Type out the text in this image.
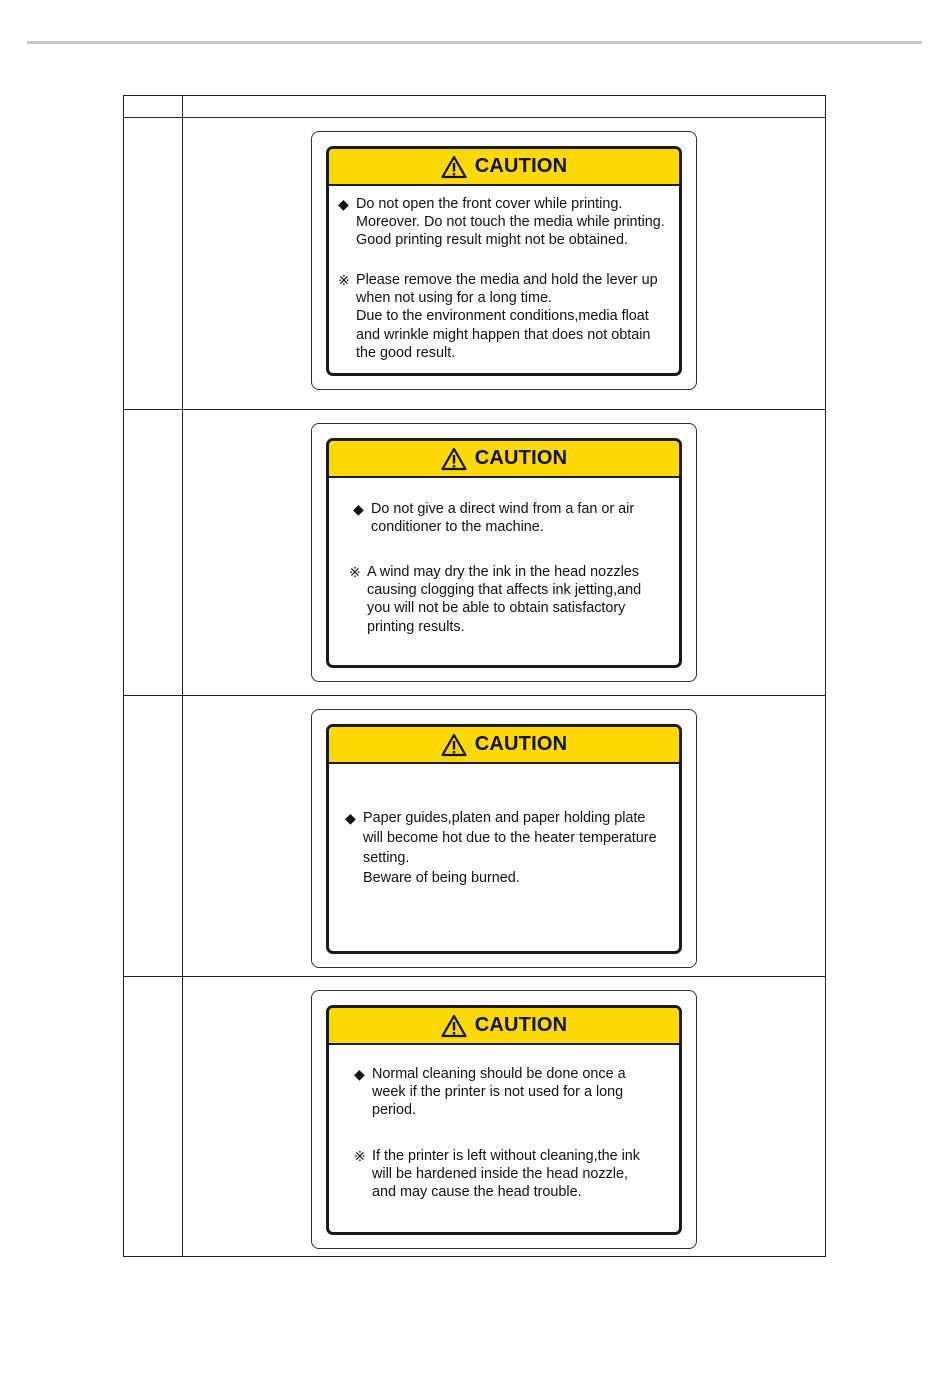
CAUTION
◆ Do not open the front cover while printing.
Moreover. Do not touch the media while printing.
Good printing result might not be obtained.
※ Please remove the media and hold the lever up
when not using for a long time.
Due to the environment conditions,media float
and wrinkle might happen that does not obtain
the good result.
CAUTION
◆ Do not give a direct wind from a fan or air
conditioner to the machine.
※ A wind may dry the ink in the head nozzles
causing clogging that affects ink jetting,and
you will not be able to obtain satisfactory
printing results.
CAUTION
◆ Paper guides,platen and paper holding plate
will become hot due to the heater temperature
setting.
Beware of being burned.
CAUTION
◆ Normal cleaning should be done once a
week if the printer is not used for a long
period.
※ If the printer is left without cleaning,the ink
will be hardened inside the head nozzle,
and may cause the head trouble.
